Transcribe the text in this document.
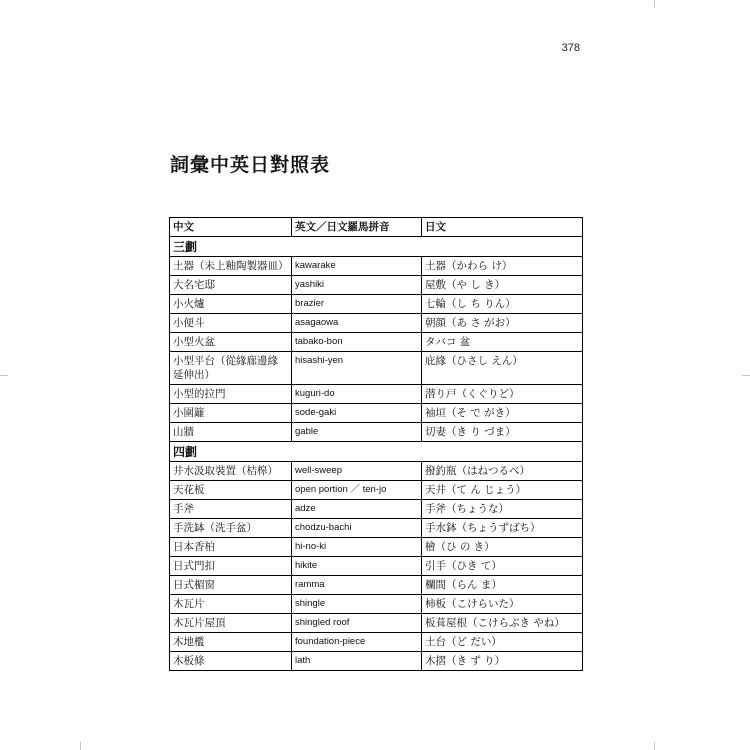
378
詞彙中英日對照表
中文	英文／日文羅馬拼音	日文
三劃		
土器（未上釉陶製器皿）	kawarake	土器（かわら け）
大名宅邸	yashiki	屋敷（や し き）
小火爐	brazier	七輪（し ち りん）
小便斗	asagaowa	朝顔（あ さ がお）
小型火盆	tabako-bon	タバコ 盆
小型平台（從緣廊邊緣延伸出）	hisashi-yen	庇緣（ひさし えん）
小型的拉門	kuguri-do	潜り戸（くぐりど）
小圍籬	sode-gaki	袖垣（そ で がき）
山牆	gable	切妻（き り づま）
四劃		
井水汲取裝置（桔槔）	well-sweep	撥釣瓶（はねつるべ）
天花板	open portion ／ ten-jo	天井（て ん じょう）
手斧	adze	手斧（ちょうな）
手洗缽（洗手盆）	chodzu-bachi	手水鉢（ちょうずばち）
日本香柏	hi-no-ki	檜（ひ の き）
日式門扣	hikite	引手（ひき て）
日式楣窗	ramma	欄間（らん ま）
木瓦片	shingle	柿板（こけらいた）
木瓦片屋頂	shingled roof	板葺屋根（こけらぶき やね）
木地檻	foundation-piece	土台（ど だい）
木板條	lath	木摺（き ず り）
